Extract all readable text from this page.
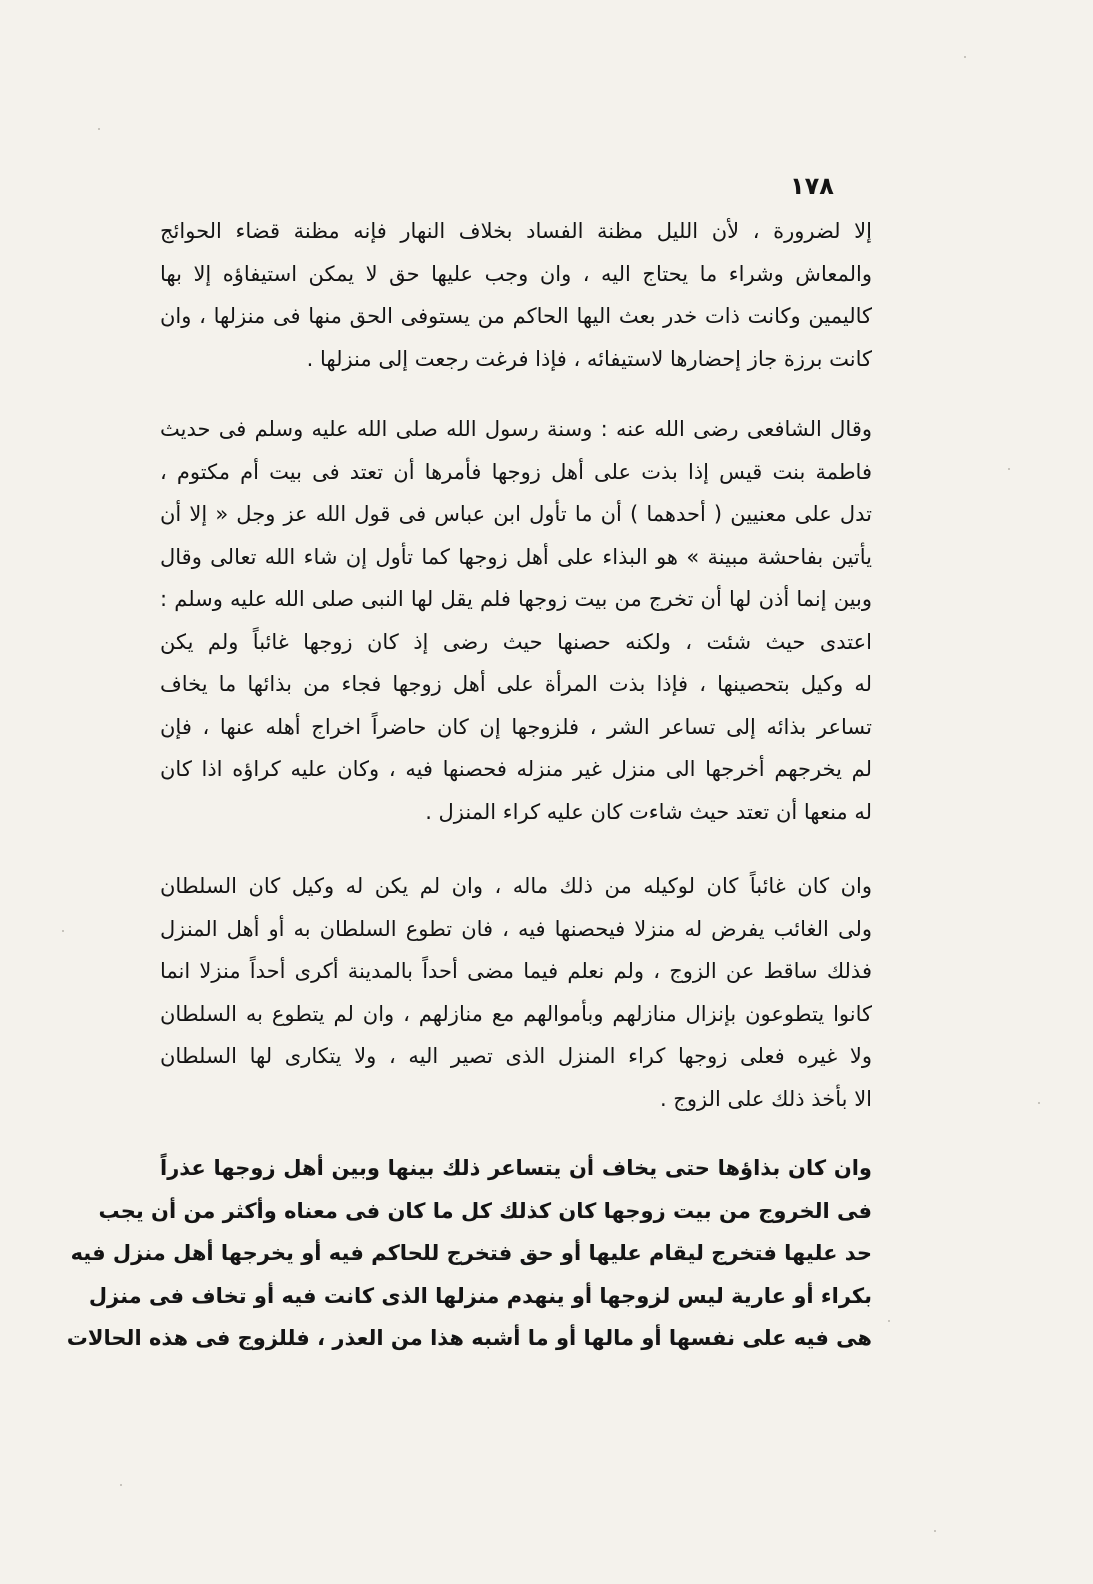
١٧٨

إلا لضرورة ، لأن الليل مظنة الفساد بخلاف النهار فإنه مظنة قضاء الحوائج
والمعاش وشراء ما يحتاج اليه ، وان وجب عليها حق لا يمكن استيفاؤه إلا بها
كاليمين وكانت ذات خدر بعث اليها الحاكم من يستوفى الحق منها فى منزلها ، وان
كانت برزة جاز إحضارها لاستيفائه ، فإذا فرغت رجعت إلى منزلها .

وقال الشافعى رضى الله عنه : وسنة رسول الله صلى الله عليه وسلم فى حديث
فاطمة بنت قيس إذا بذت على أهل زوجها فأمرها أن تعتد فى بيت أم مكتوم ،
تدل على معنيين ( أحدهما ) أن ما تأول ابن عباس فى قول الله عز وجل « إلا أن
يأتين بفاحشة مبينة » هو البذاء على أهل زوجها كما تأول إن شاء الله تعالى وقال
وبين إنما أذن لها أن تخرج من بيت زوجها فلم يقل لها النبى صلى الله عليه وسلم :
اعتدى حيث شئت ، ولكنه حصنها حيث رضى إذ كان زوجها غائباً ولم يكن
له وكيل بتحصينها ، فإذا بذت المرأة على أهل زوجها فجاء من بذائها ما يخاف
تساعر بذائه إلى تساعر الشر ، فلزوجها إن كان حاضراً اخراج أهله عنها ، فإن
لم يخرجهم أخرجها الى منزل غير منزله فحصنها فيه ، وكان عليه كراؤه اذا كان
له منعها أن تعتد حيث شاءت كان عليه كراء المنزل .

وان كان غائباً كان لوكيله من ذلك ماله ، وان لم يكن له وكيل كان السلطان
ولى الغائب يفرض له منزلا فيحصنها فيه ، فان تطوع السلطان به أو أهل المنزل
فذلك ساقط عن الزوج ، ولم نعلم فيما مضى أحداً بالمدينة أكرى أحداً منزلا انما
كانوا يتطوعون بإنزال منازلهم وبأموالهم مع منازلهم ، وان لم يتطوع به السلطان
ولا غيره فعلى زوجها كراء المنزل الذى تصير اليه ، ولا يتكارى لها السلطان
الا بأخذ ذلك على الزوج .

وان كان بذاؤها حتى يخاف أن يتساعر ذلك بينها وبين أهل زوجها عذراً
فى الخروج من بيت زوجها كان كذلك كل ما كان فى معناه وأكثر من أن يجب
حد عليها فتخرج ليقام عليها أو حق فتخرج للحاكم فيه أو يخرجها أهل منزل فيه
بكراء أو عارية ليس لزوجها أو ينهدم منزلها الذى كانت فيه أو تخاف فى منزل
هى فيه على نفسها أو مالها أو ما أشبه هذا من العذر ، فللزوج فى هذه الحالات
